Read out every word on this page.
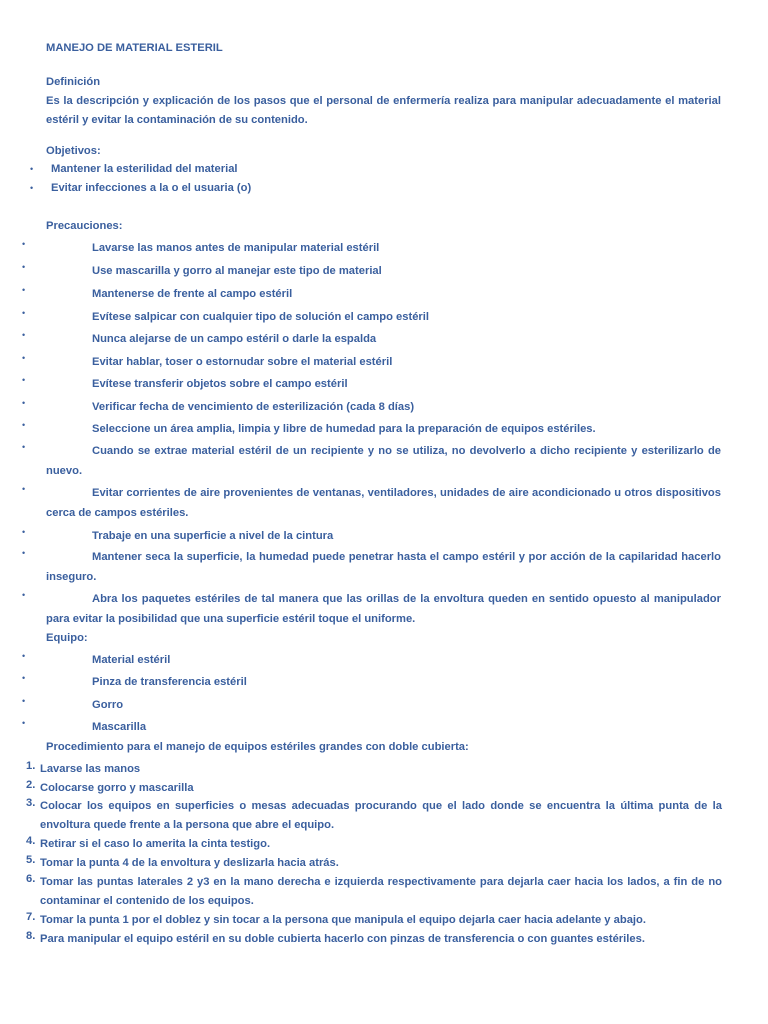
MANEJO DE MATERIAL ESTERIL
Definición
Es la descripción y explicación de los pasos que el personal de enfermería realiza para manipular adecuadamente el material estéril y evitar la contaminación de su contenido.
Objetivos:
•	Mantener la esterilidad del material
•	Evitar infecciones a la o el usuaria (o)
Precauciones:
•	Lavarse las manos antes de manipular material estéril
•	Use mascarilla y gorro al manejar este tipo de material
•	Mantenerse de frente al campo estéril
•	Evítese salpicar con cualquier tipo de solución el campo estéril
•	Nunca alejarse de un campo estéril o darle la espalda
•	Evitar hablar, toser o estornudar sobre el material estéril
•	Evítese transferir objetos sobre el campo estéril
•	Verificar fecha de vencimiento de esterilización (cada 8 días)
•	Seleccione un área amplia, limpia y libre de humedad para la preparación de equipos estériles.
•	Cuando se extrae material estéril de un recipiente y no se utiliza, no devolverlo a dicho recipiente y esterilizarlo de nuevo.
•	Evitar corrientes de aire provenientes de ventanas, ventiladores, unidades de aire acondicionado u otros dispositivos cerca de campos estériles.
•	Trabaje en una superficie a nivel de la cintura
•	Mantener seca la superficie, la humedad puede penetrar hasta el campo estéril y por acción de la capilaridad hacerlo inseguro.
•	Abra los paquetes estériles de tal manera que las orillas de la envoltura queden en sentido opuesto al manipulador para evitar la posibilidad que una superficie estéril toque el uniforme.
Equipo:
•	Material estéril
•	Pinza de transferencia estéril
•	Gorro
•	Mascarilla
Procedimiento para el manejo de equipos estériles grandes con doble cubierta:
1. Lavarse las manos
2. Colocarse gorro y mascarilla
3. Colocar los equipos en superficies o mesas adecuadas procurando que el lado donde se encuentra la última punta de la envoltura quede frente a la persona que abre el equipo.
4. Retirar si el caso lo amerita la cinta testigo.
5. Tomar la punta 4 de la envoltura y deslizarla hacia atrás.
6. Tomar las puntas laterales 2 y3 en la mano derecha e izquierda respectivamente para dejarla caer hacia los lados, a fin de no contaminar el contenido de los equipos.
7. Tomar la punta 1 por el doblez y sin tocar a la persona que manipula el equipo dejarla caer hacia adelante y abajo.
8. Para manipular el equipo estéril en su doble cubierta hacerlo con pinzas de transferencia o con guantes estériles.
